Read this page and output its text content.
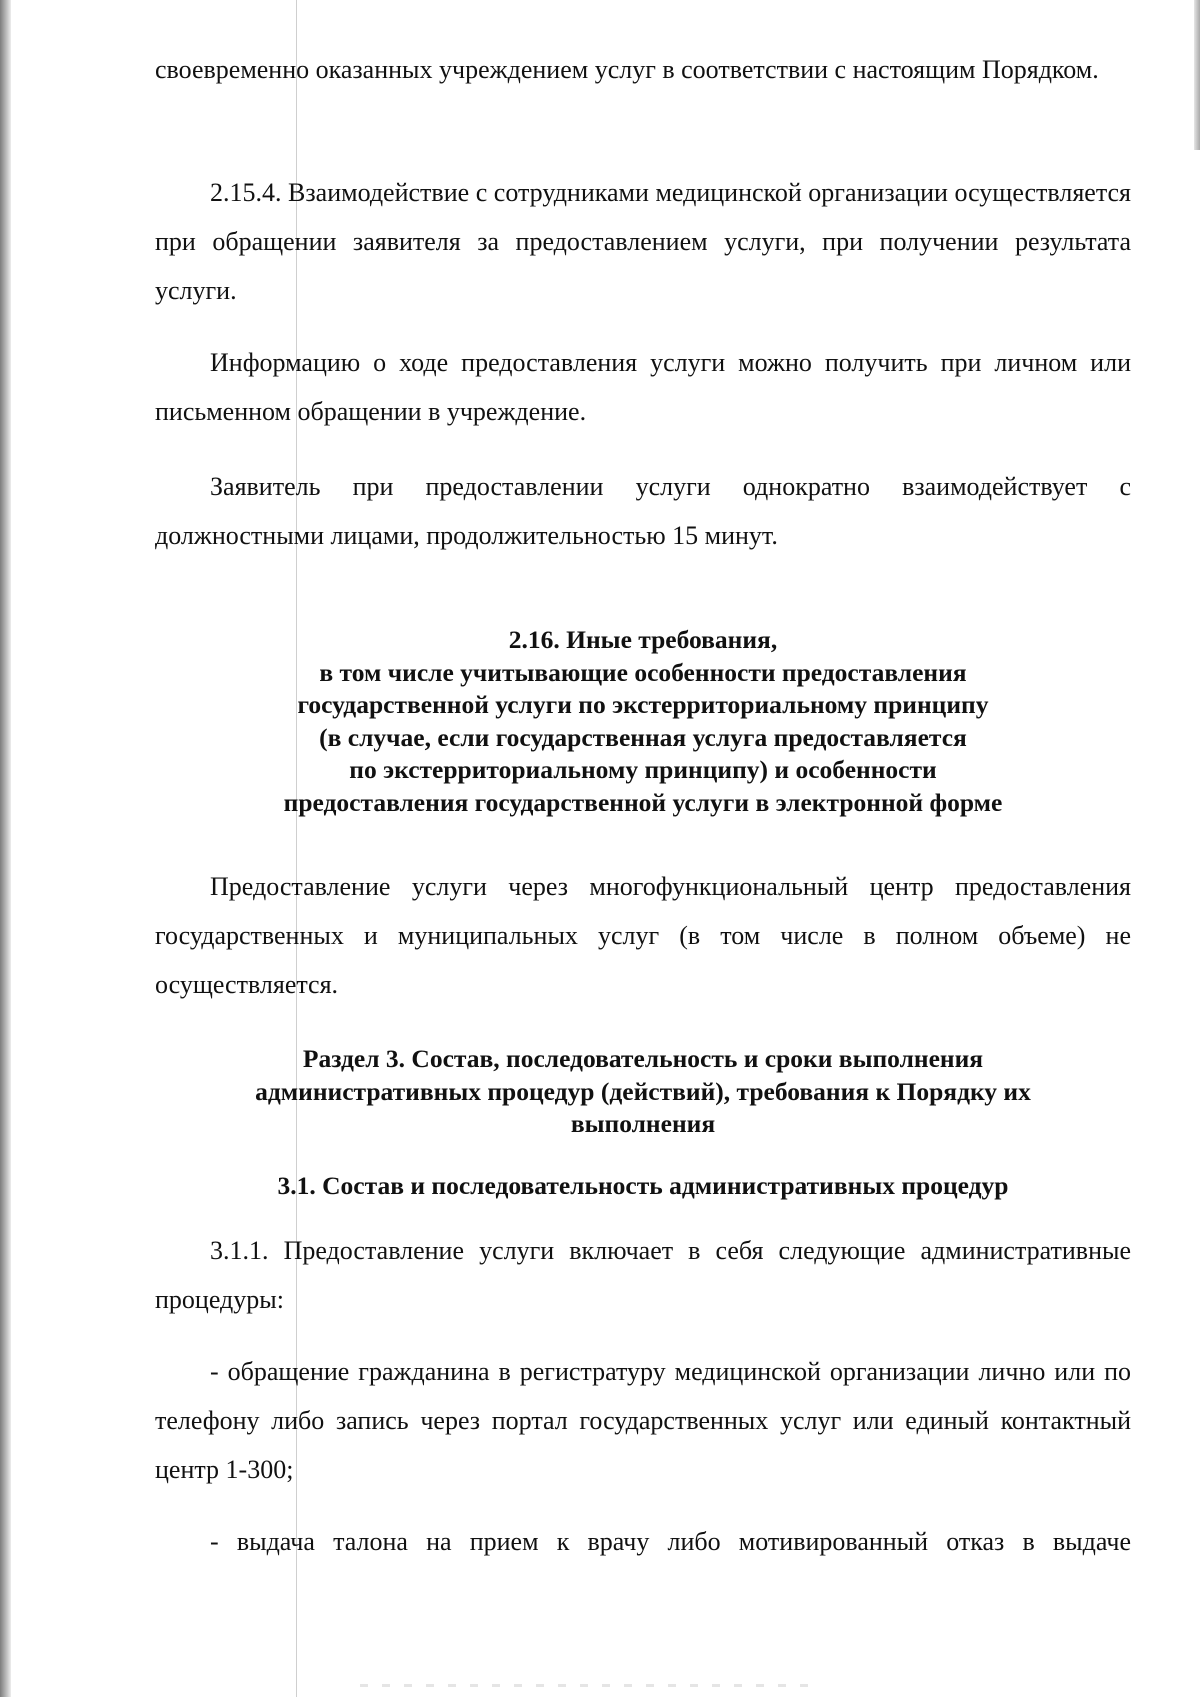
своевременно оказанных учреждением услуг в соответствии с настоящим Порядком.

2.15.4. Взаимодействие с сотрудниками медицинской организации осуществляется при обращении заявителя за предоставлением услуги, при получении результата услуги.

Информацию о ходе предоставления услуги можно получить при личном или письменном обращении в учреждение.

Заявитель при предоставлении услуги однократно взаимодействует с должностными лицами, продолжительностью 15 минут.

2.16. Иные требования,
в том числе учитывающие особенности предоставления
государственной услуги по экстерриториальному принципу
(в случае, если государственная услуга предоставляется
по экстерриториальному принципу) и особенности
предоставления государственной услуги в электронной форме

Предоставление услуги через многофункциональный центр предоставления государственных и муниципальных услуг (в том числе в полном объеме) не осуществляется.

Раздел 3. Состав, последовательность и сроки выполнения
административных процедур (действий), требования к Порядку их
выполнения
3.1. Состав и последовательность административных процедур

3.1.1. Предоставление услуги включает в себя следующие административные процедуры:

- обращение гражданина в регистратуру медицинской организации лично или по телефону либо запись через портал государственных услуг или единый контактный центр 1-300;

- выдача талона на прием к врачу либо мотивированный отказ в выдаче
